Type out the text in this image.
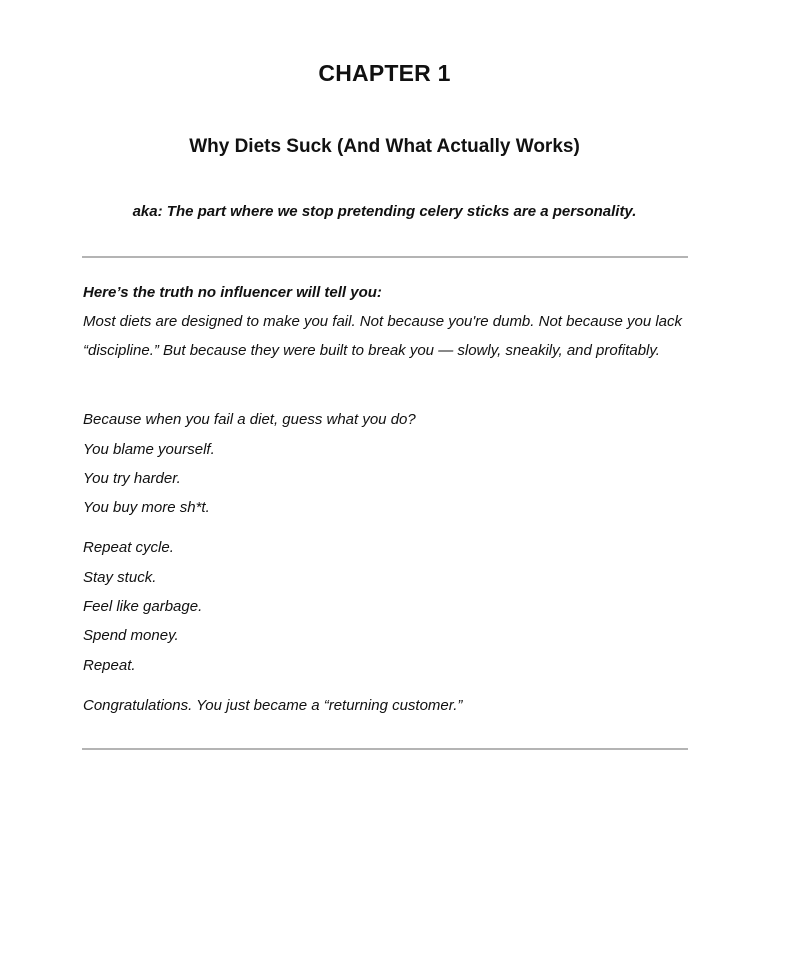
CHAPTER 1
Why Diets Suck (And What Actually Works)

aka: The part where we stop pretending celery sticks are a personality.

Here’s the truth no influencer will tell you:

Most diets are designed to make you fail. Not because you're dumb. Not because you lack “discipline.” But because they were built to break you — slowly, sneakily, and profitably.

Because when you fail a diet, guess what you do?

You blame yourself.

You try harder.

You buy more sh*t.

Repeat cycle.

Stay stuck.

Feel like garbage.

Spend money.

Repeat.

Congratulations. You just became a “returning customer.”
